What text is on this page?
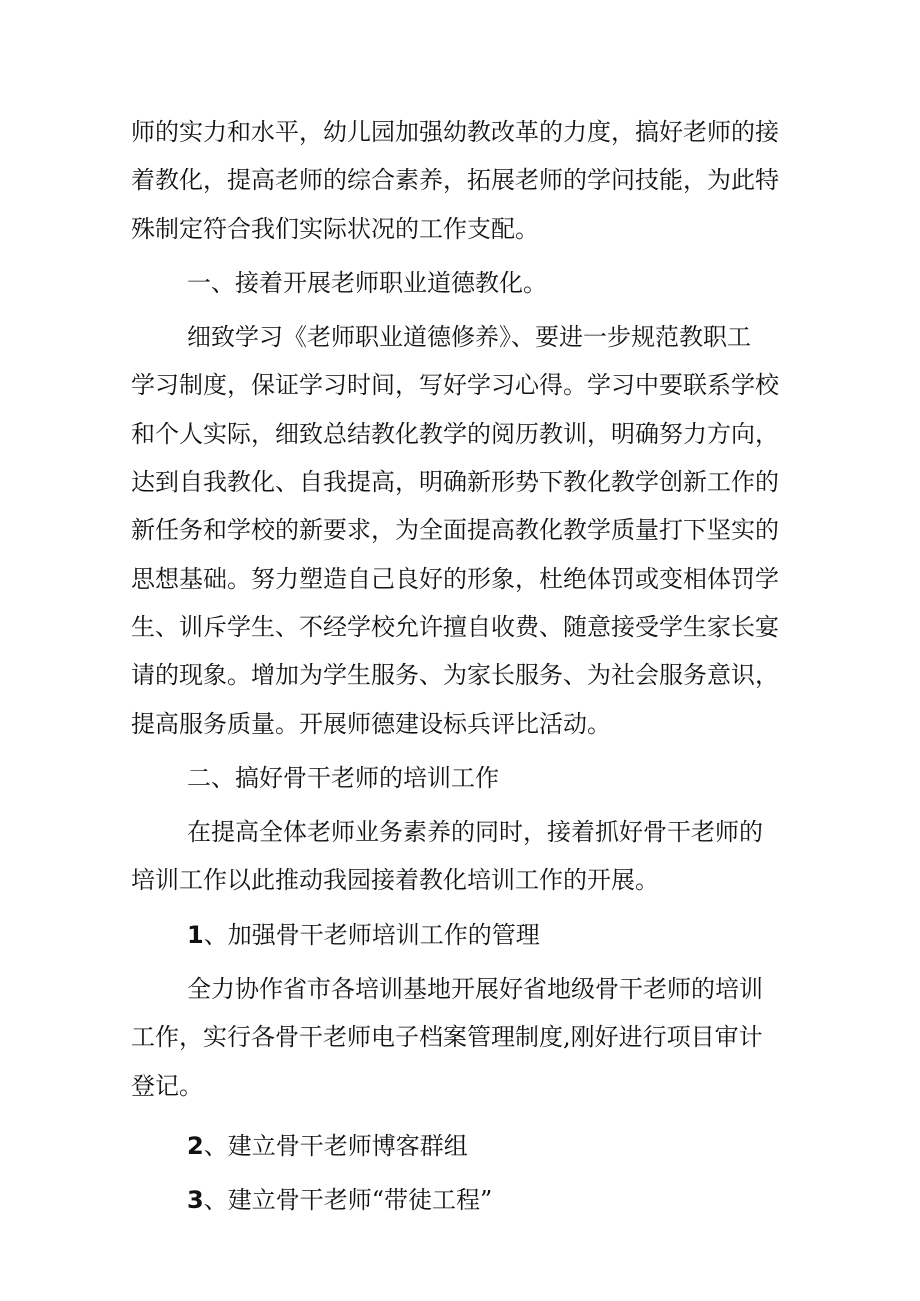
师的实力和水平，幼儿园加强幼教改革的力度，搞好老师的接
着教化，提高老师的综合素养，拓展老师的学问技能，为此特
殊制定符合我们实际状况的工作支配。
一、接着开展老师职业道德教化。
细致学习《老师职业道德修养》、要进一步规范教职工
学习制度，保证学习时间，写好学习心得。学习中要联系学校
和个人实际，细致总结教化教学的阅历教训，明确努力方向，
达到自我教化、自我提高，明确新形势下教化教学创新工作的
新任务和学校的新要求，为全面提高教化教学质量打下坚实的
思想基础。努力塑造自己良好的形象，杜绝体罚或变相体罚学
生、训斥学生、不经学校允许擅自收费、随意接受学生家长宴
请的现象。增加为学生服务、为家长服务、为社会服务意识，
提高服务质量。开展师德建设标兵评比活动。
二、搞好骨干老师的培训工作
在提高全体老师业务素养的同时，接着抓好骨干老师的
培训工作以此推动我园接着教化培训工作的开展。
1、加强骨干老师培训工作的管理
全力协作省市各培训基地开展好省地级骨干老师的培训
工作，实行各骨干老师电子档案管理制度,刚好进行项目审计
登记。
2、建立骨干老师博客群组
3、建立骨干老师“带徒工程”
